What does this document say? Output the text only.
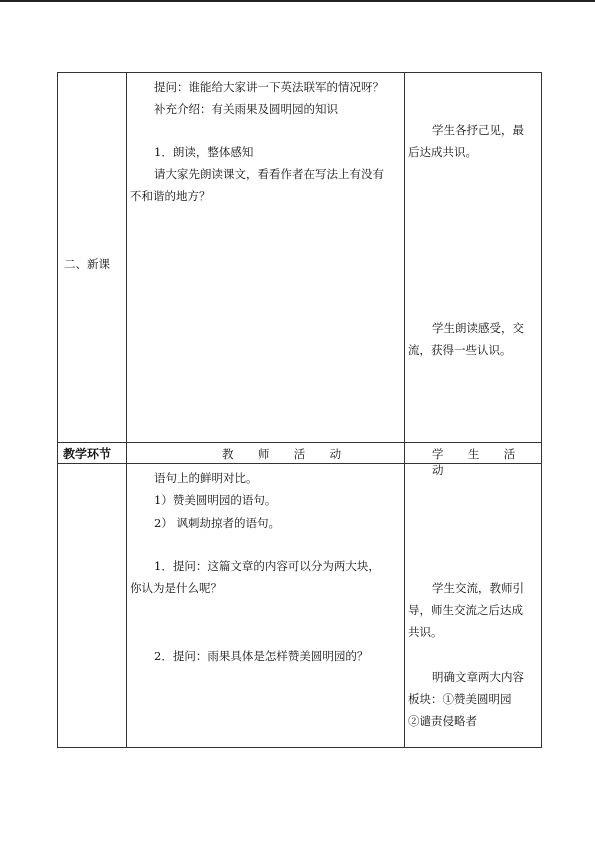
二、新课
提问：谁能给大家讲一下英法联军的情况呀？
补充介绍：有关雨果及圆明园的知识
1．朗读，整体感知
请大家先朗读课文，看看作者在写法上有没有
不和谐的地方？
学生各抒己见，最
后达成共识。
学生朗读感受，交
流，获得一些认识。
教学环节	教 师 活 动	学 生 活 动
语句上的鲜明对比。
1）赞美圆明园的语句。
2） 讽刺劫掠者的语句。
1．提问：这篇文章的内容可以分为两大块，
你认为是什么呢？
2．提问：雨果具体是怎样赞美圆明园的？
学生交流，教师引
导，师生交流之后达成
共识。
明确文章两大内容
板块：①赞美圆明园
②谴责侵略者
